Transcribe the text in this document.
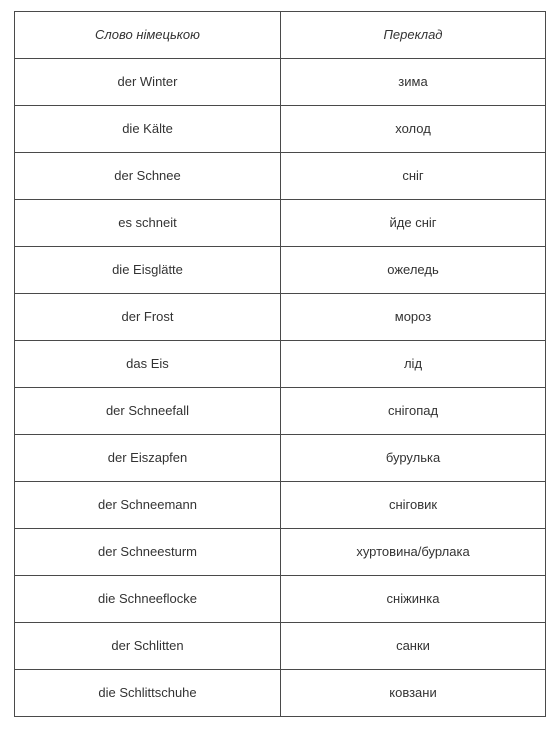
Слово німецькою	Переклад
der Winter	зима
die Kälte	холод
der Schnee	сніг
es schneit	йде сніг
die Eisglätte	ожеледь
der Frost	мороз
das Eis	лід
der Schneefall	снігопад
der Eiszapfen	бурулька
der Schneemann	сніговик
der Schneesturm	хуртовина/бурлака
die Schneeflocke	сніжинка
der Schlitten	санки
die Schlittschuhe	ковзани
